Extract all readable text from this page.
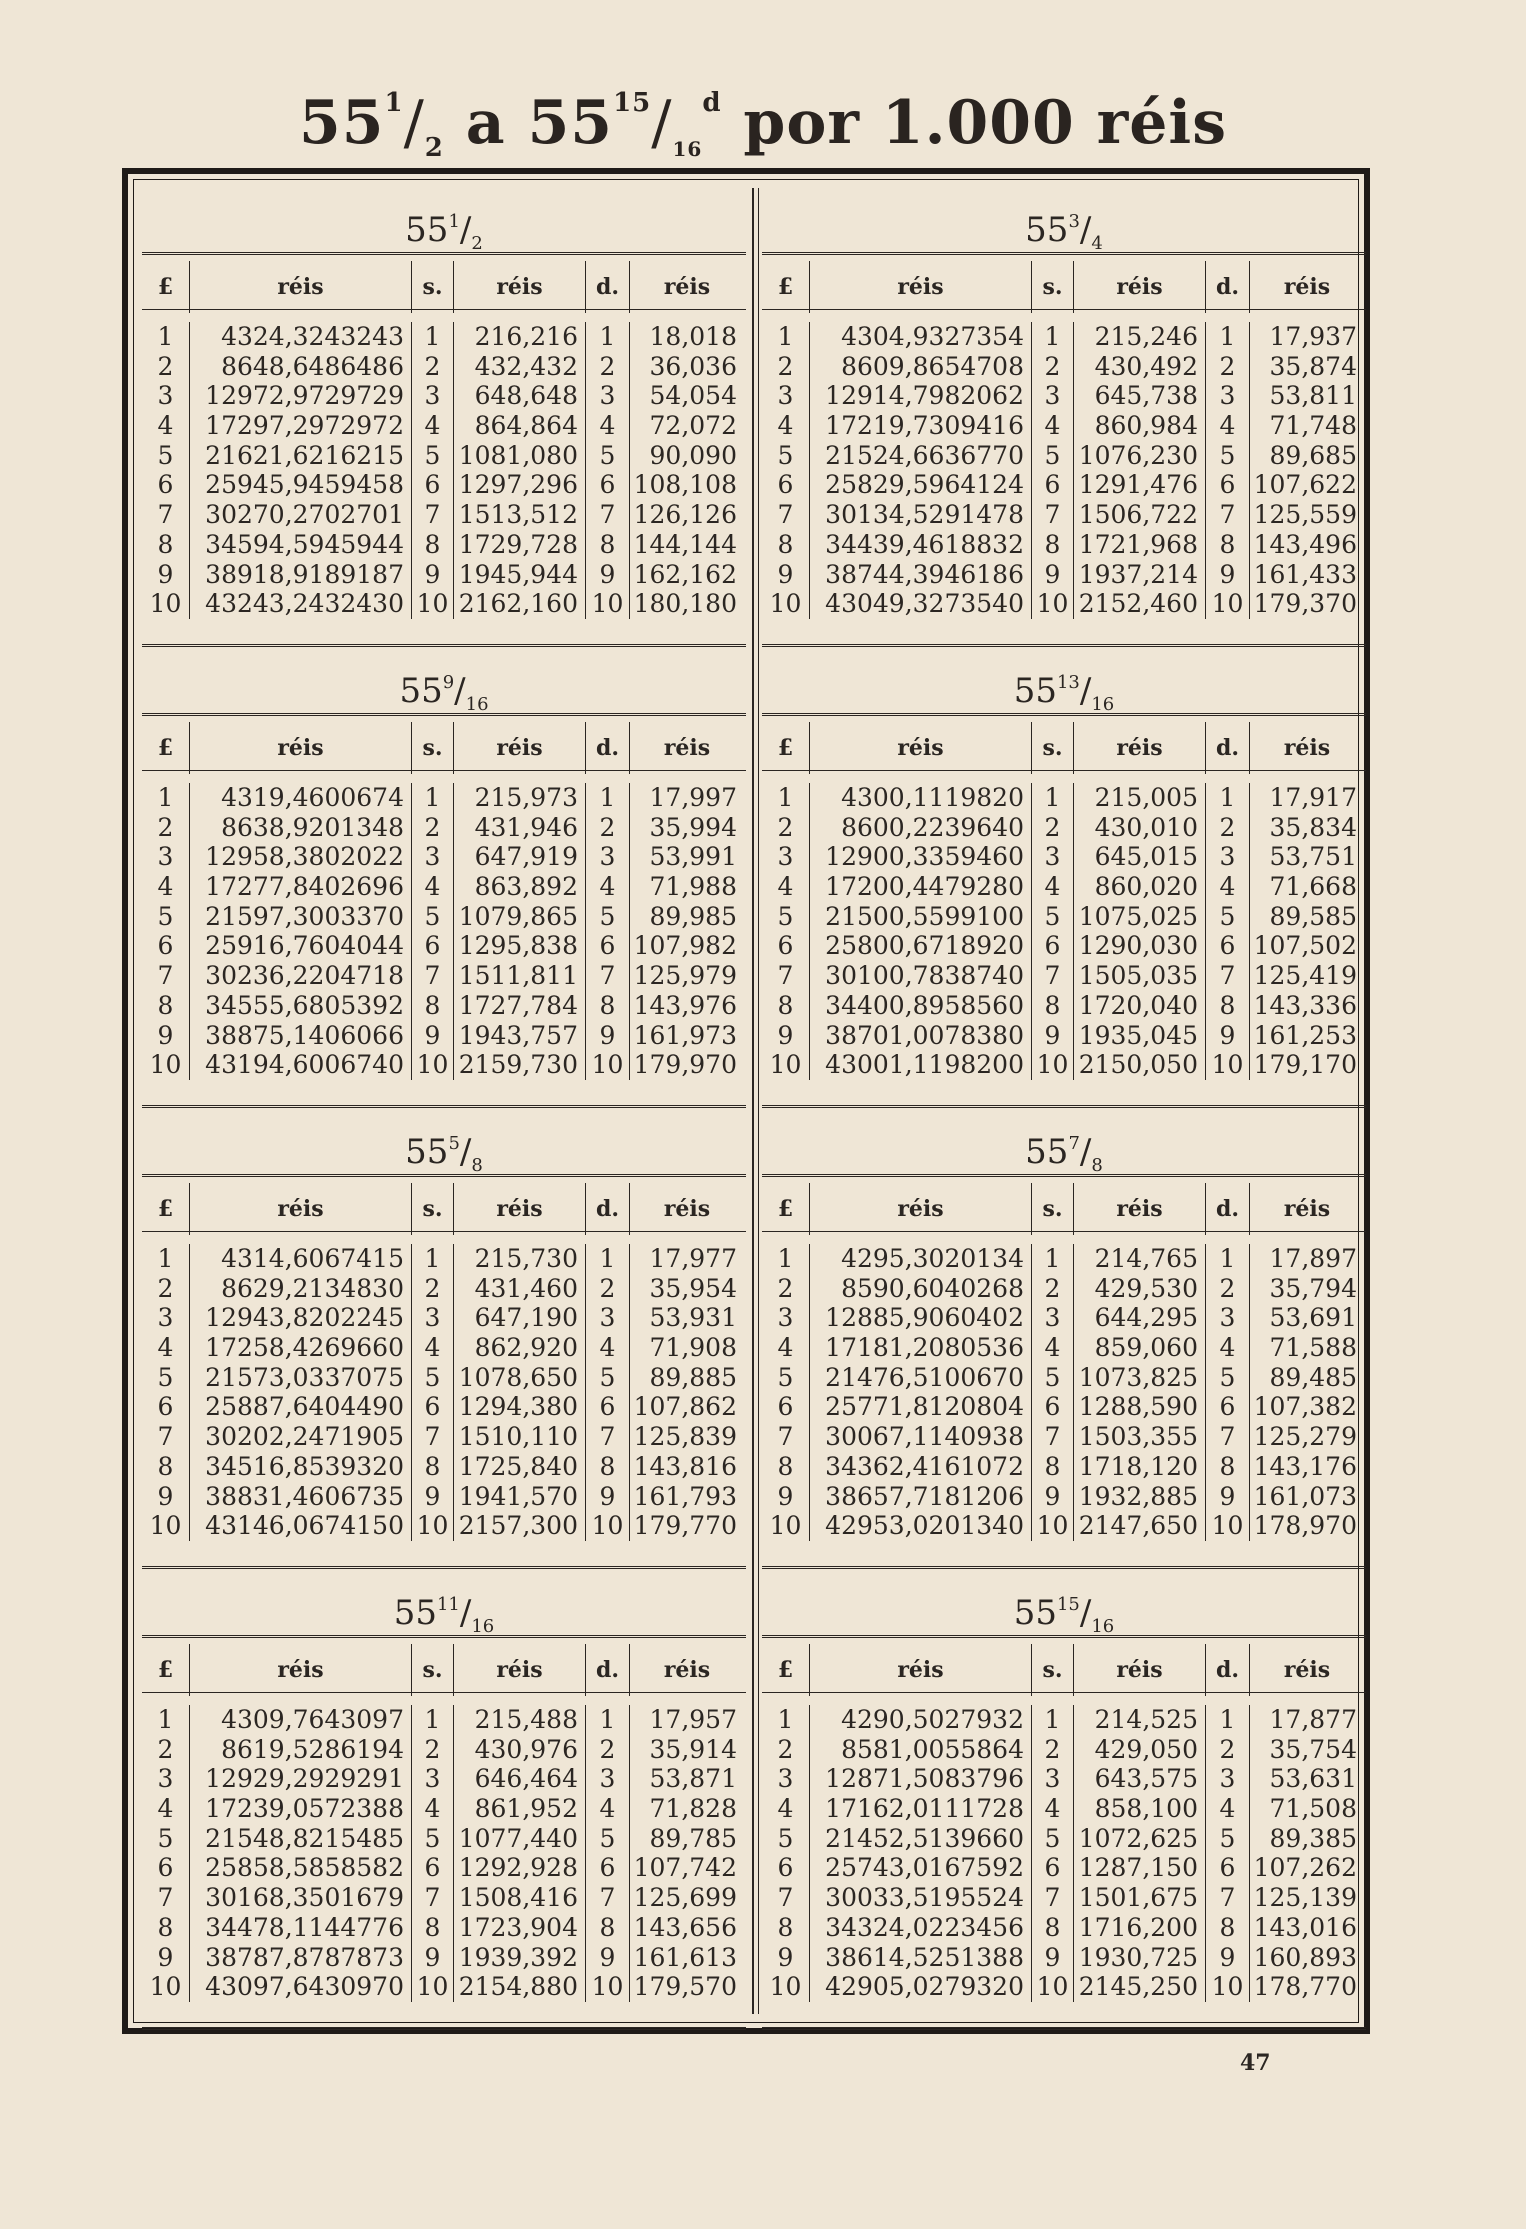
$55^1/_2$ a $55^{15}/_{16}^d$ por 1.000 réis
$55^1/_2$
£	réis	s.	réis	d.	réis
1	4324,3243243 1	216,216 1	18,018
2	8648,6486486 2	432,432 2	36,036
3	12972,9729729 3	648,648 3	54,054
4	17297,2972972 4	864,864 4	72,072
5	21621,6216215 5 1081,080 5	90,090
6	25945,9459458 6 1297,296 6 108,108
7	30270,2702701 7 1513,512 7 126,126
8	34594,5945944 8 1729,728 8 144,144
9	38918,9189187 9 1945,944 9 162,162
10 43243,2432430 10 2162,160 10 180,180
$55^3/_4$
£	réis	s.	réis	d.	réis
1	4304,9327354 1	215,246 1	17,937
2	8609,8654708 2	430,492 2	35,874
3	12914,7982062 3	645,738 3	53,811
4	17219,7309416 4	860,984 4	71,748
5	21524,6636770 5 1076,230 5	89,685
6	25829,5964124 6 1291,476 6 107,622
7	30134,5291478 7 1506,722 7 125,559
8	34439,4618832 8 1721,968 8 143,496
9	38744,3946186 9 1937,214 9 161,433
10 43049,3273540 10 2152,460 10 179,370
$55^9/_{16}$
£	réis	s.	réis	d.	réis
1	4319,4600674 1	215,973 1	17,997
2	8638,9201348 2	431,946 2	35,994
3	12958,3802022 3	647,919 3	53,991
4	17277,8402696 4	863,892 4	71,988
5	21597,3003370 5 1079,865 5	89,985
6	25916,7604044 6 1295,838 6 107,982
7	30236,2204718 7 1511,811 7 125,979
8	34555,6805392 8 1727,784 8 143,976
9	38875,1406066 9 1943,757 9 161,973
10 43194,6006740 10 2159,730 10 179,970
$55^{13}/_{16}$
£	réis	s.	réis	d.	réis
1	4300,1119820 1	215,005 1	17,917
2	8600,2239640 2	430,010 2	35,834
3	12900,3359460 3	645,015 3	53,751
4	17200,4479280 4	860,020 4	71,668
5	21500,5599100 5 1075,025 5	89,585
6	25800,6718920 6 1290,030 6 107,502
7	30100,7838740 7 1505,035 7 125,419
8	34400,8958560 8 1720,040 8 143,336
9	38701,0078380 9 1935,045 9 161,253
10 43001,1198200 10 2150,050 10 179,170
$55^5/_8$
£	réis	s.	réis	d.	réis
1	4314,6067415 1	215,730 1	17,977
2	8629,2134830 2	431,460 2	35,954
3	12943,8202245 3	647,190 3	53,931
4	17258,4269660 4	862,920 4	71,908
5	21573,0337075 5 1078,650 5	89,885
6	25887,6404490 6 1294,380 6 107,862
7	30202,2471905 7 1510,110 7 125,839
8	34516,8539320 8 1725,840 8 143,816
9	38831,4606735 9 1941,570 9 161,793
10 43146,0674150 10 2157,300 10 179,770
$55^7/_8$
£	réis	s.	réis	d.	réis
1	4295,3020134 1	214,765 1	17,897
2	8590,6040268 2	429,530 2	35,794
3	12885,9060402 3	644,295 3	53,691
4	17181,2080536 4	859,060 4	71,588
5	21476,5100670 5 1073,825 5	89,485
6	25771,8120804 6 1288,590 6 107,382
7	30067,1140938 7 1503,355 7 125,279
8	34362,4161072 8 1718,120 8 143,176
9	38657,7181206 9 1932,885 9 161,073
10 42953,0201340 10 2147,650 10 178,970
$55^{11}/_{16}$
£	réis	s.	réis	d.	réis
1	4309,7643097 1	215,488 1	17,957
2	8619,5286194 2	430,976 2	35,914
3	12929,2929291 3	646,464 3	53,871
4	17239,0572388 4	861,952 4	71,828
5	21548,8215485 5 1077,440 5	89,785
6	25858,5858582 6 1292,928 6 107,742
7	30168,3501679 7 1508,416 7 125,699
8	34478,1144776 8 1723,904 8 143,656
9	38787,8787873 9 1939,392 9 161,613
10 43097,6430970 10 2154,880 10 179,570
$55^{15}/_{16}$
£	réis	s.	réis	d.	réis
1	4290,5027932 1	214,525 1	17,877
2	8581,0055864 2	429,050 2	35,754
3	12871,5083796 3	643,575 3	53,631
4	17162,0111728 4	858,100 4	71,508
5	21452,5139660 5 1072,625 5	89,385
6	25743,0167592 6 1287,150 6 107,262
7	30033,5195524 7 1501,675 7 125,139
8	34324,0223456 8 1716,200 8 143,016
9	38614,5251388 9 1930,725 9 160,893
10 42905,0279320 10 2145,250 10 178,770
47
